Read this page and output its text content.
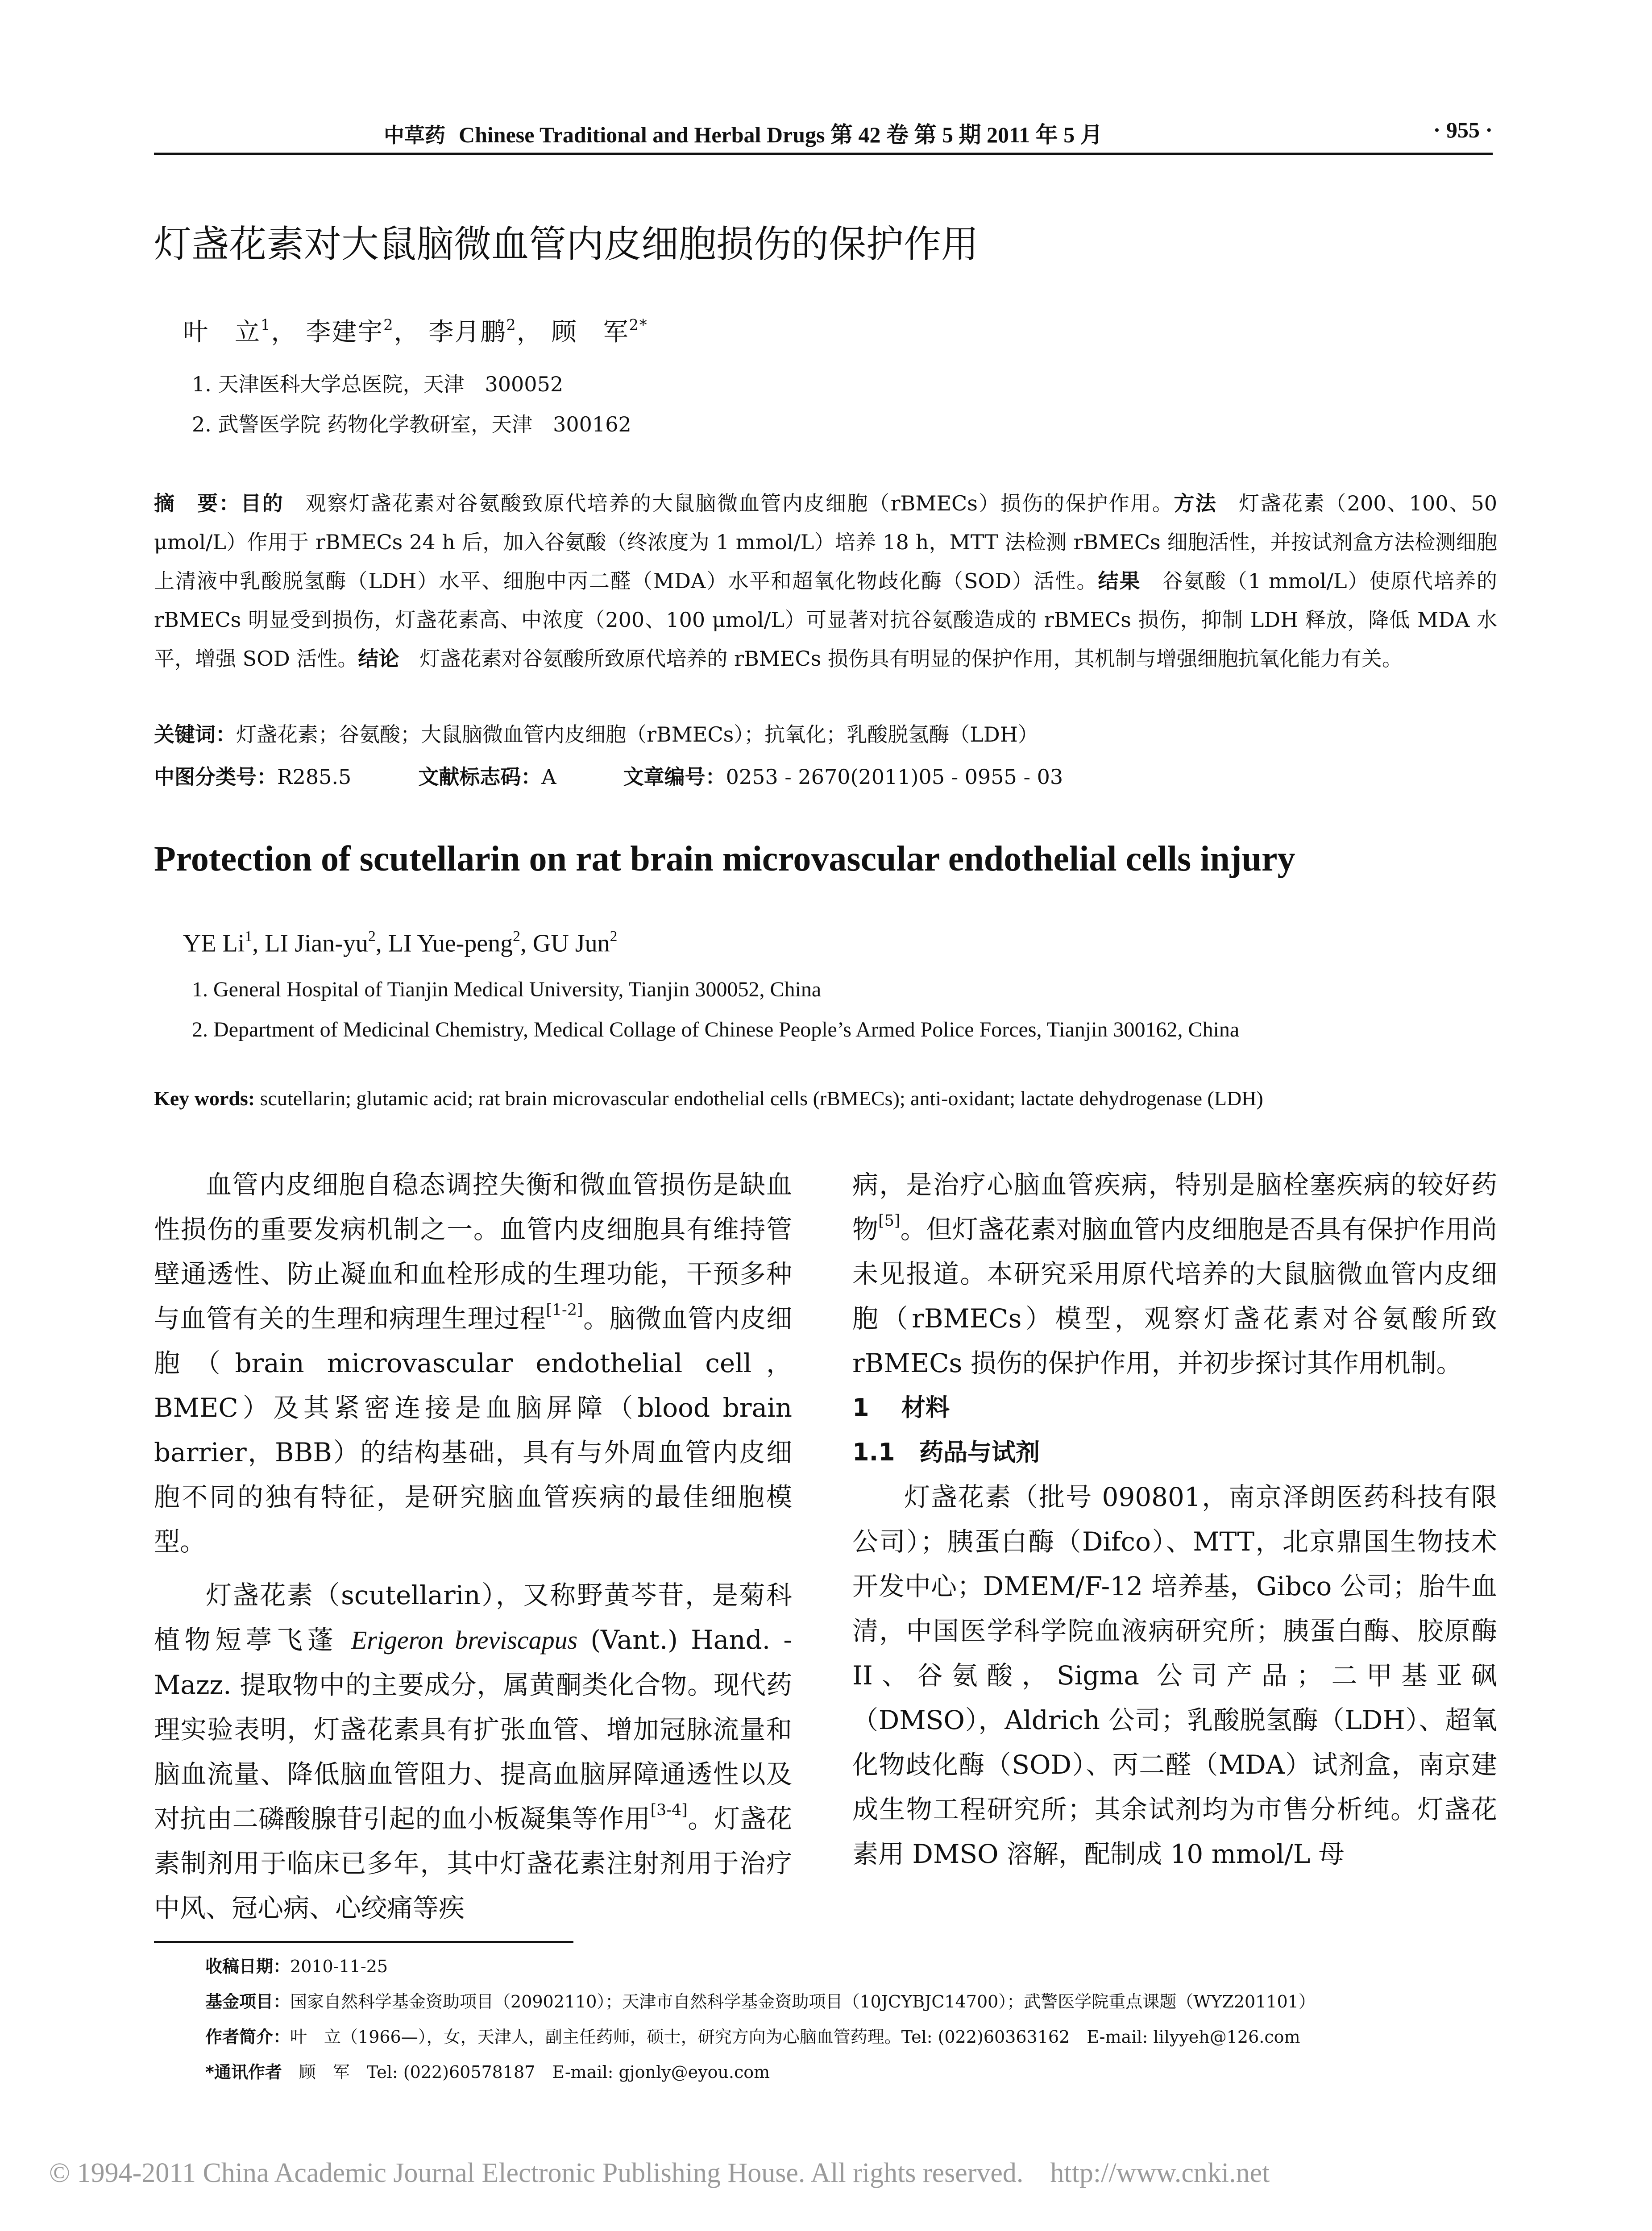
中草药 Chinese Traditional and Herbal Drugs 第 42 卷 第 5 期 2011 年 5 月	· 955 ·
灯盏花素对大鼠脑微血管内皮细胞损伤的保护作用
叶　立$^1$， 李建宇$^2$， 李月鹏$^2$， 顾　军$^{2*}$
1. 天津医科大学总医院，天津　300052
2. 武警医学院 药物化学教研室，天津　300162
摘　要：目的　观察灯盏花素对谷氨酸致原代培养的大鼠脑微血管内皮细胞（rBMECs）损伤的保护作用。方法　灯盏花素（200、100、50 μmol/L）作用于 rBMECs 24 h 后，加入谷氨酸（终浓度为 1 mmol/L）培养 18 h，MTT 法检测 rBMECs 细胞活性，并按试剂盒方法检测细胞上清液中乳酸脱氢酶（LDH）水平、细胞中丙二醛（MDA）水平和超氧化物歧化酶（SOD）活性。结果　谷氨酸（1 mmol/L）使原代培养的 rBMECs 明显受到损伤，灯盏花素高、中浓度（200、100 μmol/L）可显著对抗谷氨酸造成的 rBMECs 损伤，抑制 LDH 释放，降低 MDA 水平，增强 SOD 活性。结论　灯盏花素对谷氨酸所致原代培养的 rBMECs 损伤具有明显的保护作用，其机制与增强细胞抗氧化能力有关。
关键词：灯盏花素；谷氨酸；大鼠脑微血管内皮细胞（rBMECs）；抗氧化；乳酸脱氢酶（LDH）
中图分类号：R285.5	文献标志码：A	文章编号：0253 - 2670(2011)05 - 0955 - 03
Protection of scutellarin on rat brain microvascular endothelial cells injury
YE Li$^1$, LI Jian-$yu^2$, LI Yue-peng$^2$, GU Jun$^2$
1. General Hospital of Tianjin Medical University, Tianjin 300052, China
2. Department of Medicinal Chemistry, Medical Collage of Chinese People’s Armed Police Forces, Tianjin 300162, China
Key words: scutellarin; glutamic acid; rat brain microvascular endothelial cells (rBMECs); anti-oxidant; lactate dehydrogenase (LDH)

血管内皮细胞自稳态调控失衡和微血管损伤是缺血性损伤的重要发病机制之一。血管内皮细胞具有维持管壁通透性、防止凝血和血栓形成的生理功能，干预多种与血管有关的生理和病理生理过程[1-2]。脑微血管内皮细胞（brain microvascular endothelial cell，BMEC）及其紧密连接是血脑屏障（blood brain barrier，BBB）的结构基础，具有与外周血管内皮细胞不同的独有特征，是研究脑血管疾病的最佳细胞模型。

灯盏花素（scutellarin），又称野黄芩苷，是菊科植物短葶飞蓬 Erigeron breviscapus (Vant.) Hand. -Mazz. 提取物中的主要成分，属黄酮类化合物。现代药理实验表明，灯盏花素具有扩张血管、增加冠脉流量和脑血流量、降低脑血管阻力、提高血脑屏障通透性以及对抗由二磷酸腺苷引起的血小板凝集等作用[3-4]。灯盏花素制剂用于临床已多年，其中灯盏花素注射剂用于治疗中风、冠心病、心绞痛等疾

病，是治疗心脑血管疾病，特别是脑栓塞疾病的较好药物[5]。但灯盏花素对脑血管内皮细胞是否具有保护作用尚未见报道。本研究采用原代培养的大鼠脑微血管内皮细胞（rBMECs）模型，观察灯盏花素对谷氨酸所致 rBMECs 损伤的保护作用，并初步探讨其作用机制。

1 材料

1.1 药品与试剂

灯盏花素（批号 090801，南京泽朗医药科技有限公司）；胰蛋白酶（Difco）、MTT，北京鼎国生物技术开发中心；DMEM/F-12 培养基，Gibco 公司；胎牛血清，中国医学科学院血液病研究所；胰蛋白酶、胶原酶 II、谷氨酸，Sigma 公司产品；二甲基亚砜（DMSO），Aldrich 公司；乳酸脱氢酶（LDH）、超氧化物歧化酶（SOD）、丙二醛（MDA）试剂盒，南京建成生物工程研究所；其余试剂均为市售分析纯。灯盏花素用 DMSO 溶解，配制成 10 mmol/L 母

收稿日期：2010-11-25
基金项目：国家自然科学基金资助项目（20902110）；天津市自然科学基金资助项目（10JCYBJC14700）；武警医学院重点课题（WYZ201101）
作者简介：叶　立（1966—），女，天津人，副主任药师，硕士，研究方向为心脑血管药理。Tel: (022)60363162　E-mail: lilyyeh@126.com
*通讯作者　顾　军　Tel: (022)60578187　E-mail: gjonly@eyou.com
© 1994-2011 China Academic Journal Electronic Publishing House. All rights reserved. http://www.cnki.net
